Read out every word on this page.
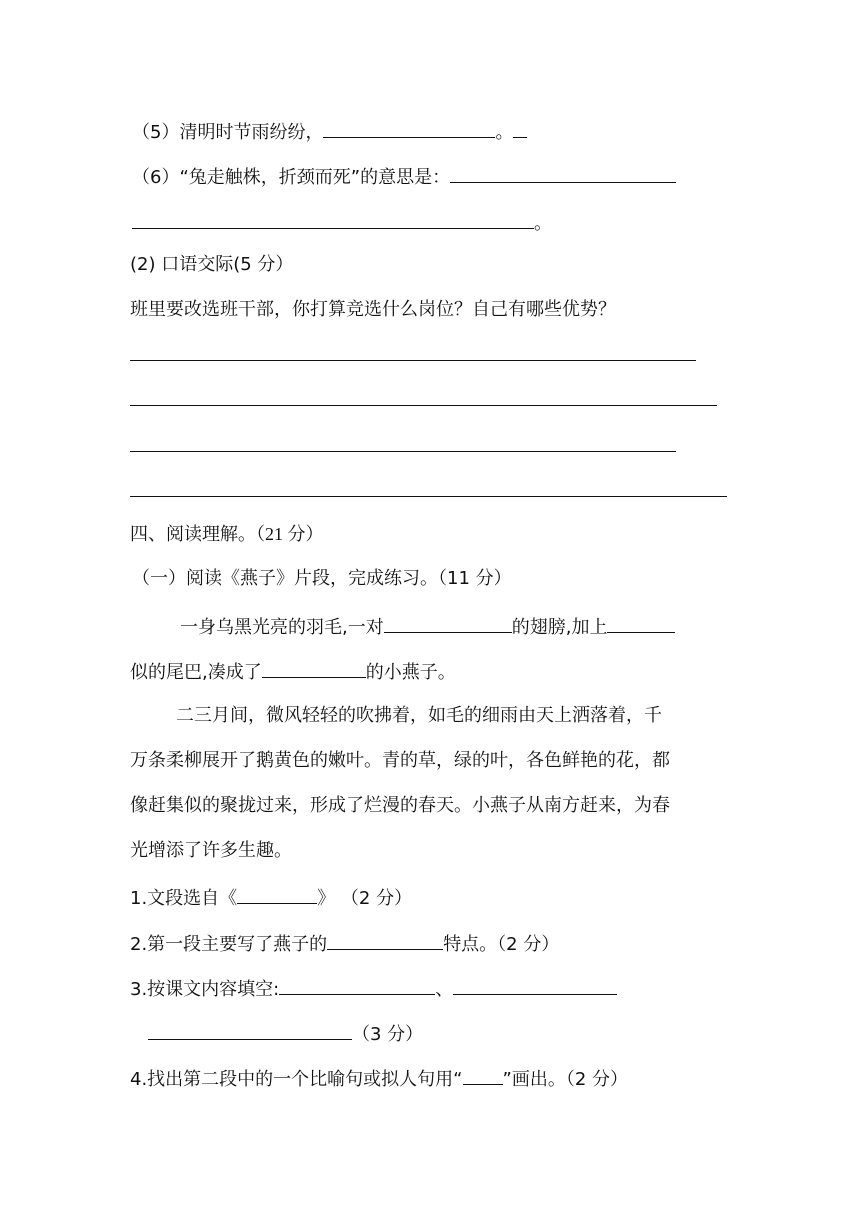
（5）清明时节雨纷纷，	。
（6）“兔走触株，折颈而死”的意思是：
。
(2) 口语交际(5 分）
班里要改选班干部，你打算竞选什么岗位？自己有哪些优势？
四、阅读理解。（21 分）
（一）阅读《燕子》片段，完成练习。（11 分）
一身乌黑光亮的羽毛,一对	的翅膀,加上
似的尾巴,凑成了	的小燕子。
二三月间，微风轻轻的吹拂着，如毛的细雨由天上洒落着，千
万条柔柳展开了鹅黄色的嫩叶。青的草，绿的叶，各色鲜艳的花，都
像赶集似的聚拢过来，形成了烂漫的春天。小燕子从南方赶来，为春
光增添了许多生趣。
1.文段选自《	》 （2 分）
2.第一段主要写了燕子的	特点。（2 分）
3.按课文内容填空:	、
（3 分）
4.找出第二段中的一个比喻句或拟人句用“ ”画出。（2 分）
